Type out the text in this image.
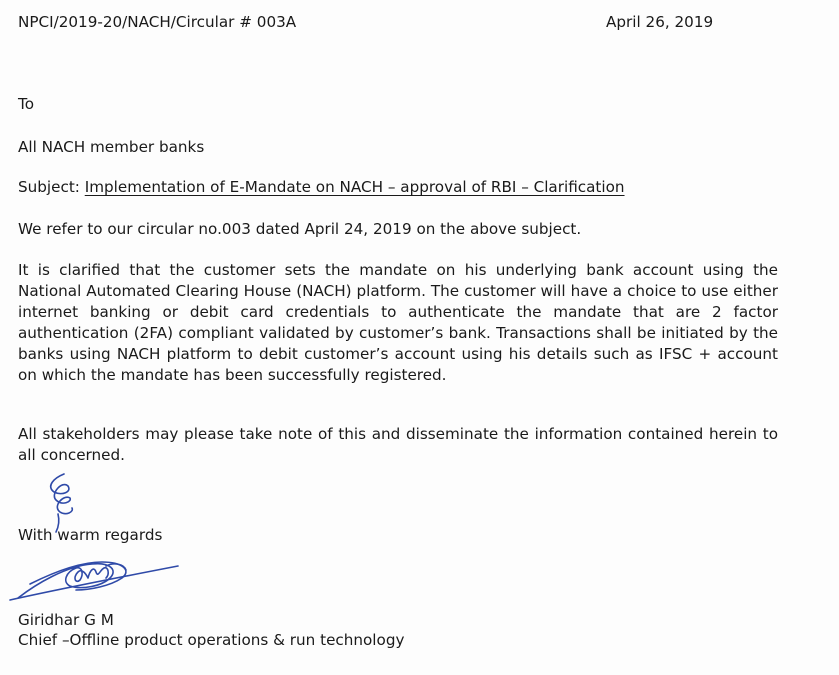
NPCI/2019-20/NACH/Circular # 003A	April 26, 2019
To
All NACH member banks
Subject: Implementation of E-Mandate on NACH – approval of RBI – Clarification
We refer to our circular no.003 dated April 24, 2019 on the above subject.
It is clarified that the customer sets the mandate on his underlying bank account using the National Automated Clearing House (NACH) platform. The customer will have a choice to use either internet banking or debit card credentials to authenticate the mandate that are 2 factor authentication (2FA) compliant validated by customer’s bank. Transactions shall be initiated by the banks using NACH platform to debit customer’s account using his details such as IFSC + account on which the mandate has been successfully registered.
All stakeholders may please take note of this and disseminate the information contained herein to all concerned.
With warm regards
Giridhar G M
Chief –Offline product operations & run technology
